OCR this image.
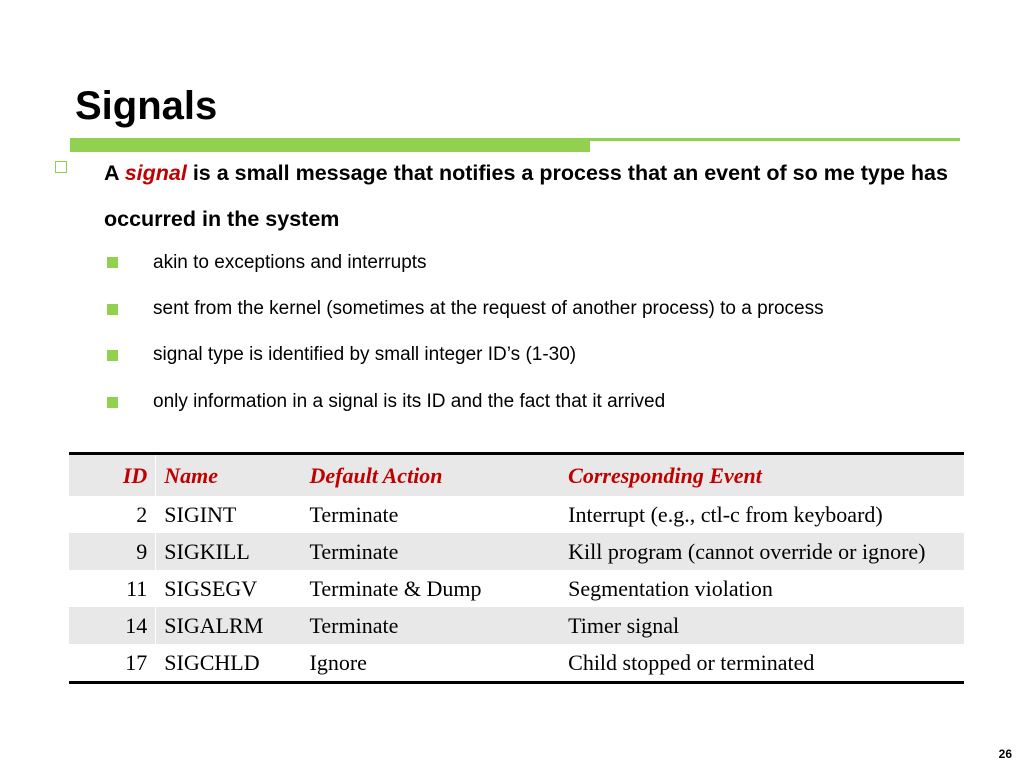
Signals
A signal is a small message that notifies a process that an event of so me type has occurred in the system
akin to exceptions and interrupts
sent from the kernel (sometimes at the request of another process) to a process
signal type is identified by small integer ID’s (1-30)
only information in a signal is its ID and the fact that it arrived
ID	Name	Default Action	Corresponding Event
2	SIGINT	Terminate	Interrupt (e.g., ctl-c from keyboard)
9	SIGKILL	Terminate	Kill program (cannot override or ignore)
11	SIGSEGV	Terminate & Dump	Segmentation violation
14	SIGALRM	Terminate	Timer signal
17	SIGCHLD	Ignore	Child stopped or terminated
26
